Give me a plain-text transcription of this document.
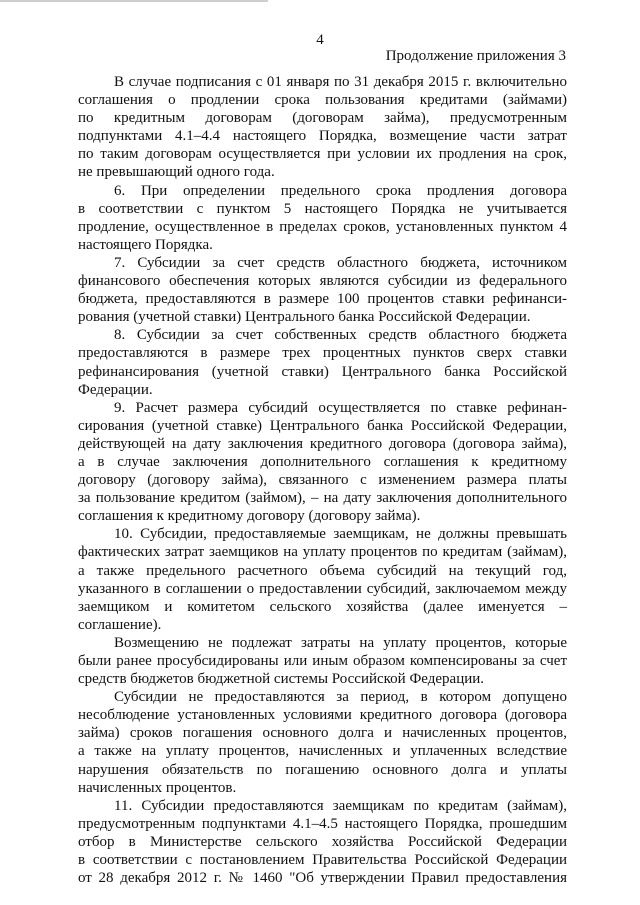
4
Продолжение приложения 3
В случае подписания с 01 января по 31 декабря 2015 г. включительно
соглашения о продлении срока пользования кредитами (займами)
по кредитным договорам (договорам займа), предусмотренным
подпунктами 4.1–4.4 настоящего Порядка, возмещение части затрат
по таким договорам осуществляется при условии их продления на срок,
не превышающий одного года.
6. При определении предельного срока продления договора
в соответствии с пунктом 5 настоящего Порядка не учитывается
продление, осуществленное в пределах сроков, установленных пунктом 4
настоящего Порядка.
7. Субсидии за счет средств областного бюджета, источником
финансового обеспечения которых являются субсидии из федерального
бюджета, предоставляются в размере 100 процентов ставки рефинанси-
рования (учетной ставки) Центрального банка Российской Федерации.
8. Субсидии за счет собственных средств областного бюджета
предоставляются в размере трех процентных пунктов сверх ставки
рефинансирования (учетной ставки) Центрального банка Российской
Федерации.
9. Расчет размера субсидий осуществляется по ставке рефинан-
сирования (учетной ставке) Центрального банка Российской Федерации,
действующей на дату заключения кредитного договора (договора займа),
а в случае заключения дополнительного соглашения к кредитному
договору (договору займа), связанного с изменением размера платы
за пользование кредитом (займом), – на дату заключения дополнительного
соглашения к кредитному договору (договору займа).
10. Субсидии, предоставляемые заемщикам, не должны превышать
фактических затрат заемщиков на уплату процентов по кредитам (займам),
а также предельного расчетного объема субсидий на текущий год,
указанного в соглашении о предоставлении субсидий, заключаемом между
заемщиком и комитетом сельского хозяйства (далее именуется –
соглашение).
Возмещению не подлежат затраты на уплату процентов, которые
были ранее просубсидированы или иным образом компенсированы за счет
средств бюджетов бюджетной системы Российской Федерации.
Субсидии не предоставляются за период, в котором допущено
несоблюдение установленных условиями кредитного договора (договора
займа) сроков погашения основного долга и начисленных процентов,
а также на уплату процентов, начисленных и уплаченных вследствие
нарушения обязательств по погашению основного долга и уплаты
начисленных процентов.
11. Субсидии предоставляются заемщикам по кредитам (займам),
предусмотренным подпунктами 4.1–4.5 настоящего Порядка, прошедшим
отбор в Министерстве сельского хозяйства Российской Федерации
в соответствии с постановлением Правительства Российской Федерации
от 28 декабря 2012 г. № 1460 "Об утверждении Правил предоставления
